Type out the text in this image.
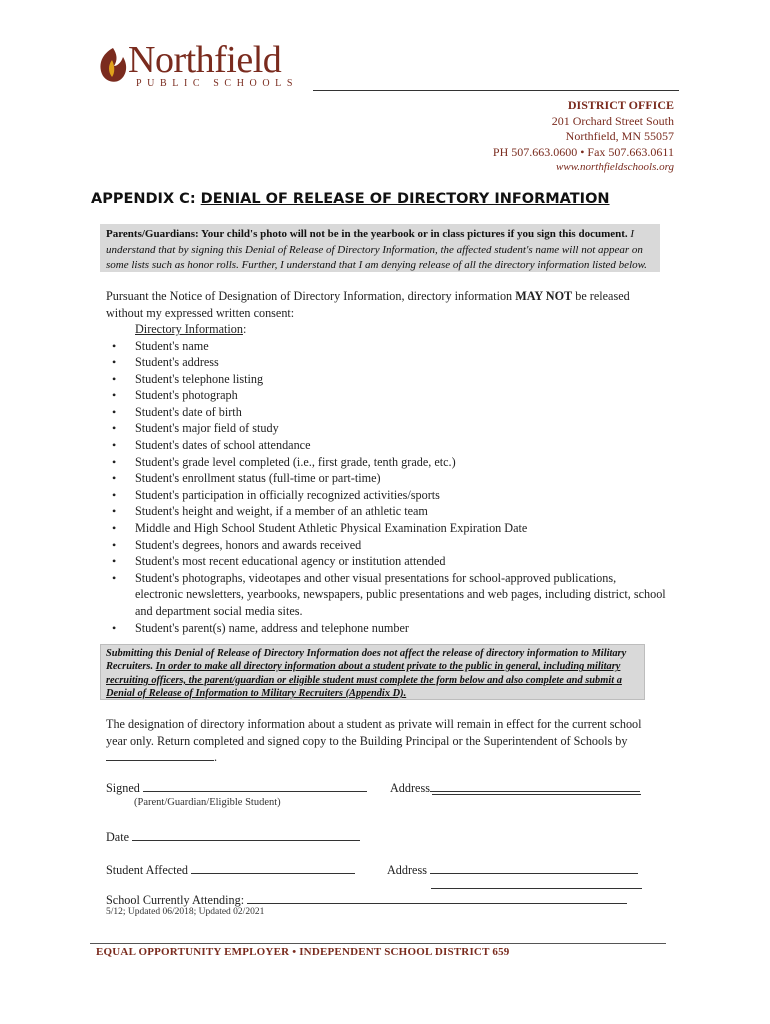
Northfield
PUBLIC SCHOOLS
DISTRICT OFFICE
201 Orchard Street South
Northfield, MN 55057
PH 507.663.0600 • Fax 507.663.0611
www.northfieldschools.org
APPENDIX C: DENIAL OF RELEASE OF DIRECTORY INFORMATION
Parents/Guardians: Your child's photo will not be in the yearbook or in class pictures if you sign this document. I understand that by signing this Denial of Release of Directory Information, the affected student's name will not appear on some lists such as honor rolls. Further, I understand that I am denying release of all the directory information listed below.
Pursuant the Notice of Designation of Directory Information, directory information MAY NOT be released without my expressed written consent:
Directory Information:
• Student's name
• Student's address
• Student's telephone listing
• Student's photograph
• Student's date of birth
• Student's major field of study
• Student's dates of school attendance
• Student's grade level completed (i.e., first grade, tenth grade, etc.)
• Student's enrollment status (full-time or part-time)
• Student's participation in officially recognized activities/sports
• Student's height and weight, if a member of an athletic team
• Middle and High School Student Athletic Physical Examination Expiration Date
• Student's degrees, honors and awards received
• Student's most recent educational agency or institution attended
• Student's photographs, videotapes and other visual presentations for school-approved publications, electronic newsletters, yearbooks, newspapers, public presentations and web pages, including district, school and department social media sites.
• Student's parent(s) name, address and telephone number
Submitting this Denial of Release of Directory Information does not affect the release of directory information to Military Recruiters. In order to make all directory information about a student private to the public in general, including military recruiting officers, the parent/guardian or eligible student must complete the form below and also complete and submit a Denial of Release of Information to Military Recruiters (Appendix D).
The designation of directory information about a student as private will remain in effect for the current school year only. Return completed and signed copy to the Building Principal or the Superintendent of Schools by .
Signed
(Parent/Guardian/Eligible Student)
Address
Date
Student Affected	Address
School Currently Attending:
5/12; Updated 06/2018; Updated 02/2021
EQUAL OPPORTUNITY EMPLOYER • INDEPENDENT SCHOOL DISTRICT 659
